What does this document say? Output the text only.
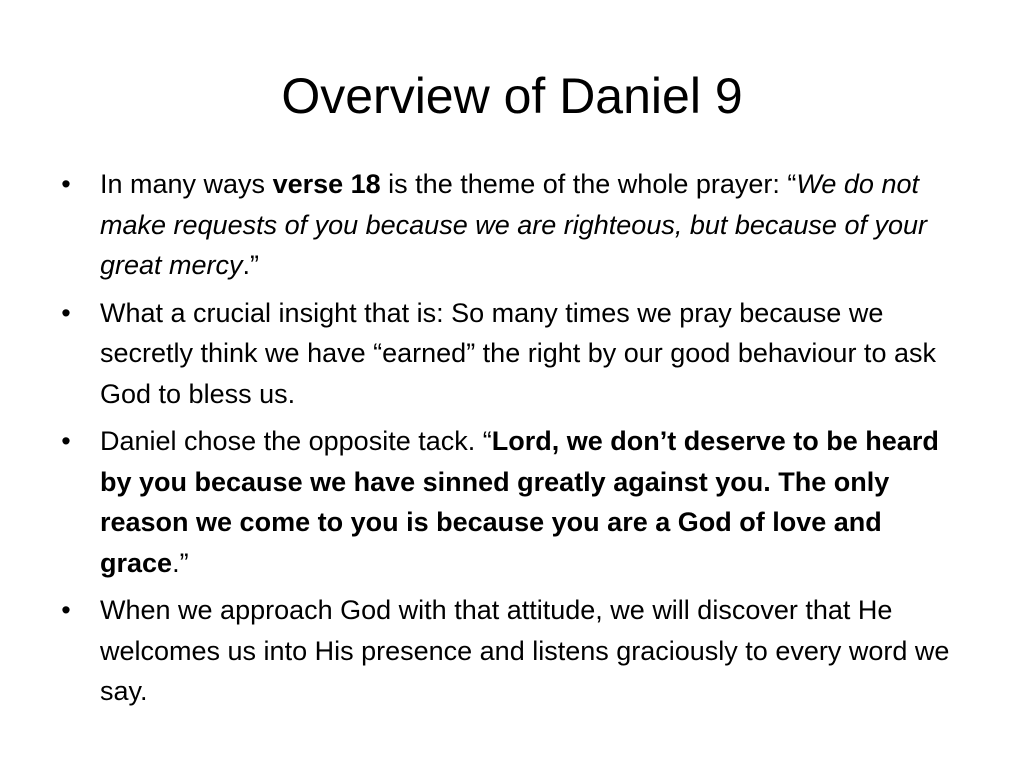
Overview of Daniel 9
• In many ways verse 18 is the theme of the whole prayer: “We do not make requests of you because we are righteous, but because of your great mercy.”
• What a crucial insight that is: So many times we pray because we secretly think we have “earned” the right by our good behaviour to ask God to bless us.
• Daniel chose the opposite tack. “Lord, we don’t deserve to be heard by you because we have sinned greatly against you. The only reason we come to you is because you are a God of love and grace.”
• When we approach God with that attitude, we will discover that He welcomes us into His presence and listens graciously to every word we say.
